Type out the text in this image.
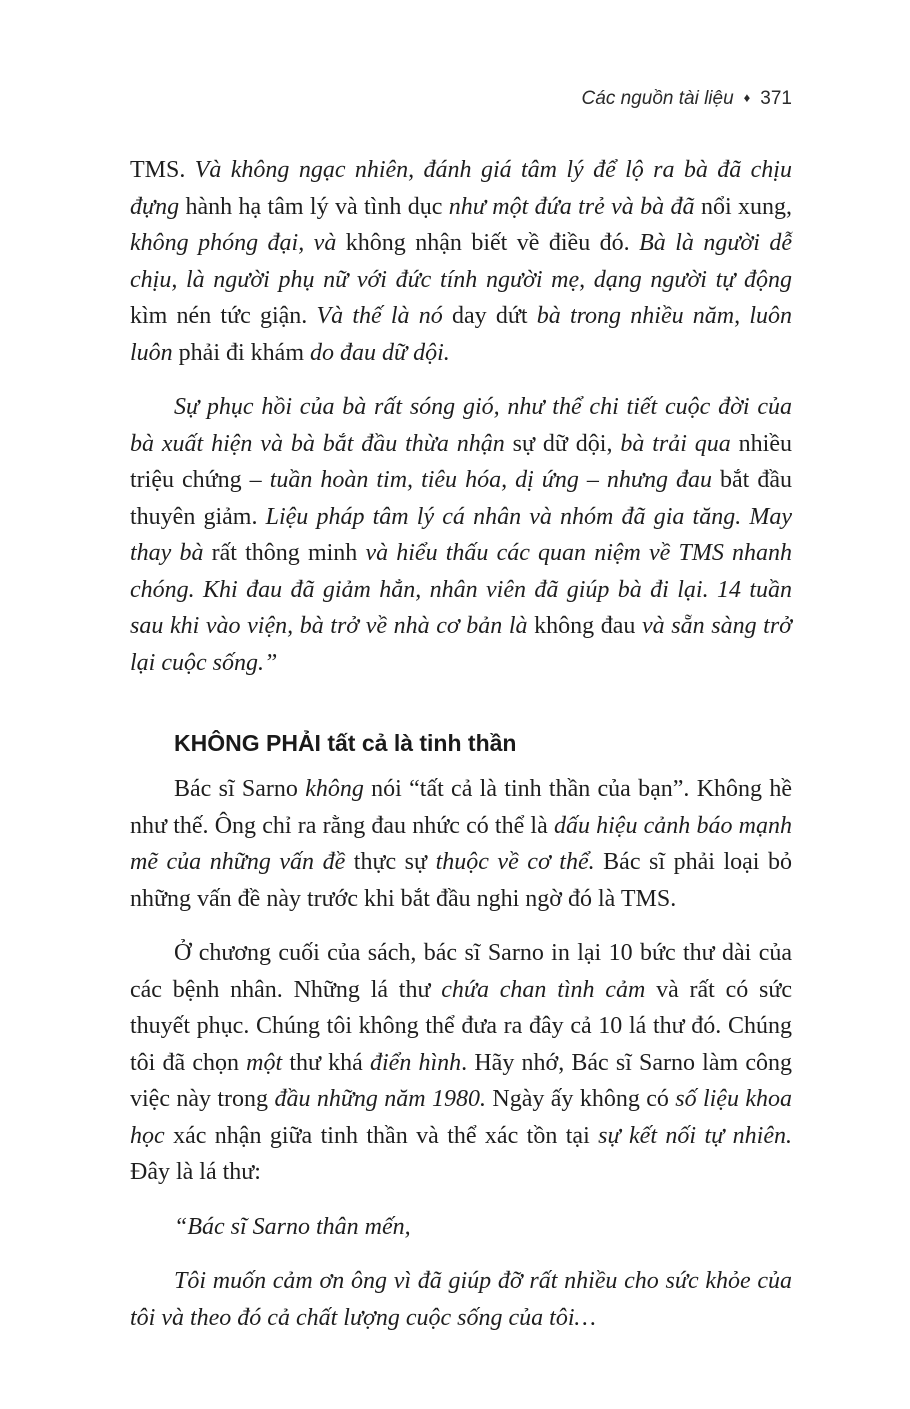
Các nguồn tài liệu ♦ 371

TMS. Và không ngạc nhiên, đánh giá tâm lý để lộ ra bà đã chịu đựng hành hạ tâm lý và tình dục như một đứa trẻ và bà đã nổi xung, không phóng đại, và không nhận biết về điều đó. Bà là người dễ chịu, là người phụ nữ với đức tính người mẹ, dạng người tự động kìm nén tức giận. Và thế là nó day dứt bà trong nhiều năm, luôn luôn phải đi khám do đau dữ dội.

Sự phục hồi của bà rất sóng gió, như thể chi tiết cuộc đời của bà xuất hiện và bà bắt đầu thừa nhận sự dữ dội, bà trải qua nhiều triệu chứng – tuần hoàn tim, tiêu hóa, dị ứng – nhưng đau bắt đầu thuyên giảm. Liệu pháp tâm lý cá nhân và nhóm đã gia tăng. May thay bà rất thông minh và hiểu thấu các quan niệm về TMS nhanh chóng. Khi đau đã giảm hẳn, nhân viên đã giúp bà đi lại. 14 tuần sau khi vào viện, bà trở về nhà cơ bản là không đau và sẵn sàng trở lại cuộc sống.”

KHÔNG PHẢI tất cả là tinh thần

Bác sĩ Sarno không nói “tất cả là tinh thần của bạn”. Không hề như thế. Ông chỉ ra rằng đau nhức có thể là dấu hiệu cảnh báo mạnh mẽ của những vấn đề thực sự thuộc về cơ thể. Bác sĩ phải loại bỏ những vấn đề này trước khi bắt đầu nghi ngờ đó là TMS.

Ở chương cuối của sách, bác sĩ Sarno in lại 10 bức thư dài của các bệnh nhân. Những lá thư chứa chan tình cảm và rất có sức thuyết phục. Chúng tôi không thể đưa ra đây cả 10 lá thư đó. Chúng tôi đã chọn một thư khá điển hình. Hãy nhớ, Bác sĩ Sarno làm công việc này trong đầu những năm 1980. Ngày ấy không có số liệu khoa học xác nhận giữa tinh thần và thể xác tồn tại sự kết nối tự nhiên. Đây là lá thư:

“Bác sĩ Sarno thân mến,

Tôi muốn cảm ơn ông vì đã giúp đỡ rất nhiều cho sức khỏe của tôi và theo đó cả chất lượng cuộc sống của tôi…
